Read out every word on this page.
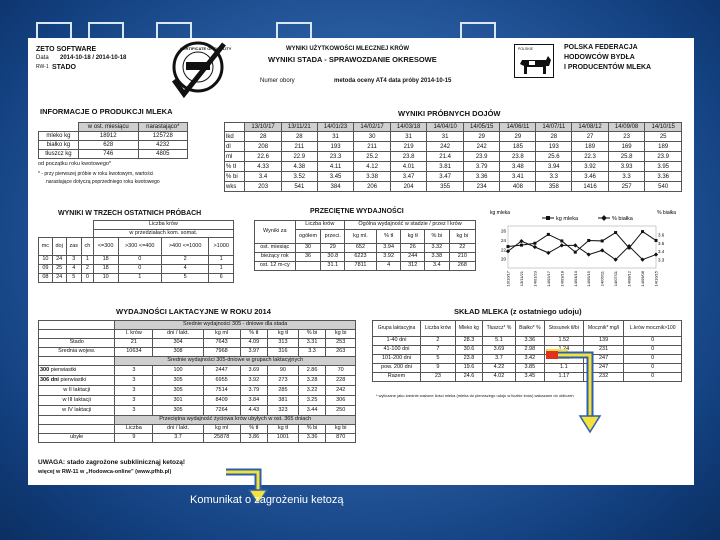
ZETO SOFTWARE
Data 2014-10-18 / 2014-10-18
RW-1 STADO
CERTIFICATE OF QUALITY	WYNIKI UŻYTKOWOŚCI MLECZNEJ KRÓW
WYNIKI STADA - SPRAWOZDANIE OKRESOWE
Numer obory	metoda oceny AT4 data próby 2014-10-15
POLSKIE	POLSKA FEDERACJA
HODOWCÓW BYDŁA
I PRODUCENTÓW MLEKA
INFORMACJE O PRODUKCJI MLEKA
	w ost. miesiącu	narastająco*
mleko kg	18912	125728
białko kg	628	4232
tłuszcz kg	746	4805
od początku roku kwotowego*
* - przy pierwszej próbie w roku kwotowym, wartości
narastające dotyczą poprzedniego roku kwotowego
WYNIKI PRÓBNYCH DOJÓW
	13/10/17	13/11/21	14/01/23	14/02/17	14/03/18	14/04/10	14/05/15	14/06/11	14/07/11	14/08/12	14/09/08	14/10/15
lkd	28	28	31	30	31	31	29	29	28	27	23	25
dl	208	211	193	211	219	242	242	185	193	189	169	189
ml	22.6	22.9	23.3	25.2	23.8	21.4	23.9	23.8	25.6	22.3	25.8	23.9
% tł	4.33	4.38	4.11	4.12	4.01	3.81	3.79	3.48	3.94	3.92	3.93	3.95
% bi	3.4	3.52	3.45	3.38	3.47	3.47	3.36	3.41	3.3	3.46	3.3	3.36
wks	203	541	384	206	204	355	234	408	358	1416	257	540
WYNIKI W TRZECH OSTATNICH PRÓBACH
				Liczba krów			
				w przedziałach kom. somat.			
mc	doj	zas	ch	<=300	>300 <=400	>400 <=1000	>1000
10	24	3	1	18	0	2	1
09	25	4	2	18	0	4	1
08	24	5	0	10	1	5	6
PRZECIĘTNE WYDAJNOŚCI
Wyniki za	Liczba krów		Ogólna wydajność w stadzie / przez l krów				
	ogółem	przeci.	kg ml.	% tł	kg tł	% bi	kg bi

ost. miesiąc	30	29	652	3.94	26	3.32	22
bieżący rok	36	30.8	6223	3.92	244	3.38	210
ost. 12 m-cy		31.1	7811	4	312	3.4	268
kg mleka	% białka
26
24
22
20
3.6
3.5
3.4
3.3
kg mleka	% białka
13/10/17 13/11/21 14/01/23 14/02/17 14/03/18 14/04/10 14/05/15 14/06/11 14/07/11 14/08/12 14/09/08 14/10/15
WYDAJNOŚCI LAKTACYJNE W ROKU 2014
	Średnie wydajności 305 - dniowe dla stada						
	l. krów	dni / lakt.	kg ml	% tł	kg tł	% bi	kg bi
Stado	21	304	7643	4.09	313	3.31	253
Średnia wojew.	10634	308	7968	3.97	316	3.3	263
	Średnie wydajności 305-dniowe w grupach laktacyjnych						
300 pierwiastki	3	100	2447	3.69	90	2.86	70
306 dni pierwiastki	3	305	6955	3.92	273	3.28	228
w II laktacji	3	305	7514	3.79	285	3.22	242
w III laktacji	3	301	8409	3.84	381	3.25	306
w IV laktacji	3	305	7264	4.43	323	3.44	250
	Przeciętna wydajność życiowa krów ubyłych w ost. 365 dniach						
	Liczba	dni / lakt.	kg ml	% tł	kg tł	% bi	kg bi
ubyłe	9	3.7	25878	3.86	1001	3.36	870
SKŁAD MLEKA (z ostatniego udoju)
Grupa laktacyjna	Liczba krów	Mleko kg	Tłuszcz* %	Białko* %	Stosunek tł/bi	Mocznik* mg/l	L.krów mocznik>100
1-40 dni	2	28.3	5.1	3.36	1.52	139	0
41-100 dni	7	30.6	3.69	2.98	1.24	231	0
101-200 dni	5	23.8	3.7	3.42	1.08	247	0
pow. 200 dni	9	19.6	4.22	3.85	1.1	247	0
Razem	23	24.6	4.02	3.45	1.17	232	0
* wyliczane jako średnie ważone ilości mleka (mleka do pierwszego udoju w liczbie krów) wskazane do obliczeń
UWAGA: stado zagrożone subklinicznąj ketozą!
więcej w RW-11 w „Hodowca-online" (www.pfhb.pl)
Niski procent białka
poniżej 3% dla krów
do 100 dni laktacji
Komunikat o zagrożeniu ketozą
